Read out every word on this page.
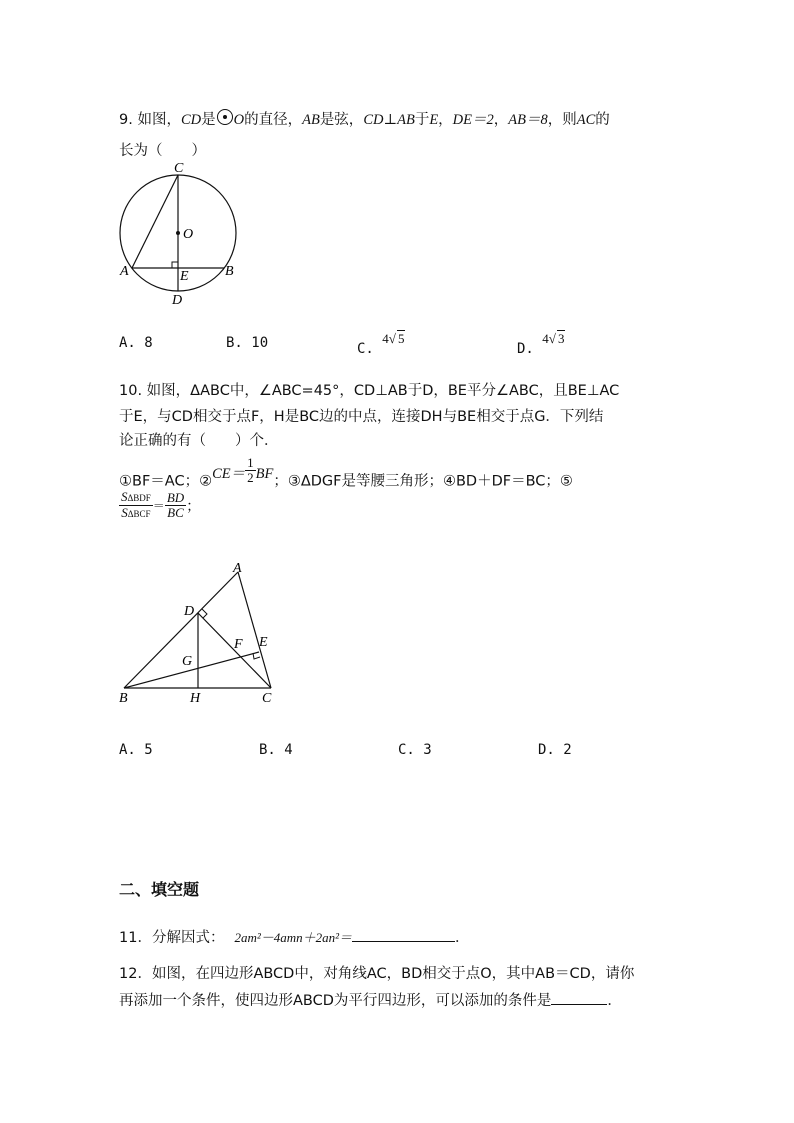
9. 如图，CD是 O的直径，AB是弦，CD⊥AB于E，DE＝2，AB＝8，则AC的
长为（　　）
C
O
A	E	B
D
A. 8	B. 10	C. 4√ 5
D. 4√ 3
10. 如图，ΔABC中，∠ABC=45°，CD⊥AB于D，BE平分∠ABC，且BE⊥AC
于E，与CD相交于点F，H是BC边的中点，连接DH与BE相交于点G．下列结
论正确的有（　　）个．
①BF＝AC；②CE＝ $\frac{1}{2}$ BF；③ΔDGF是等腰三角形；④BD＋DF＝BC；⑤
$\frac{\text{SΔBDF}}{\text{SΔBCF}} = \frac{BD}{BC}$ ；
A
D
E
F
G
B	H	C
A. 5	B. 4	C. 3	D. 2
二、填空题
11．分解因式： 2am²－4amn＋2an²＝	．
12．如图，在四边形ABCD中，对角线AC，BD相交于点O，其中AB＝CD，请你
再添加一个条件，使四边形ABCD为平行四边形，可以添加的条件是	．
